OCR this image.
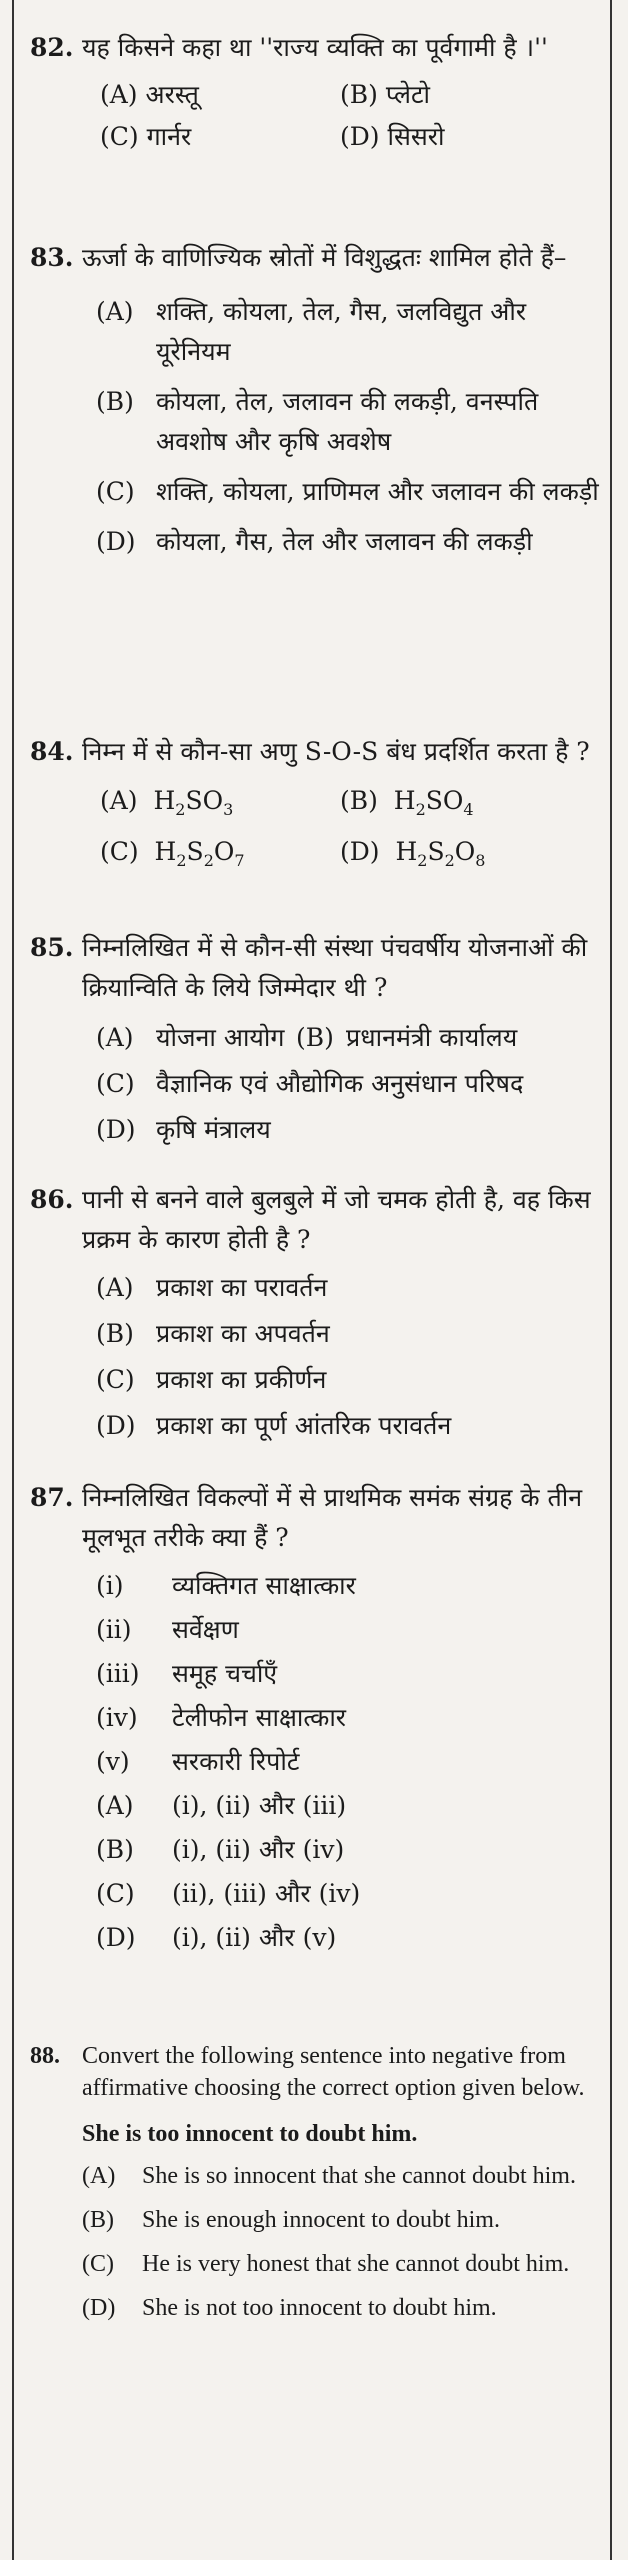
82. यह किसने कहा था ''राज्य व्यक्ति का पूर्वगामी है ।''
(A) अरस्तू	(B) प्लेटो
(C) गार्नर	(D) सिसरो
83. ऊर्जा के वाणिज्यिक स्रोतों में विशुद्धतः शामिल होते हैं–
(A) शक्ति, कोयला, तेल, गैस, जलविद्युत और यूरेनियम
(B) कोयला, तेल, जलावन की लकड़ी, वनस्पति अवशोष और कृषि अवशेष
(C) शक्ति, कोयला, प्राणिमल और जलावन की लकड़ी
(D) कोयला, गैस, तेल और जलावन की लकड़ी
84. निम्न में से कौन-सा अणु S-O-S बंध प्रदर्शित करता है ?
(A) $H_2SO_3$	(B) $H_2SO_4$
(C) $H_2S_2O_7$	(D) $H_2S_2O_8$
85. निम्नलिखित में से कौन-सी संस्था पंचवर्षीय योजनाओं की क्रियान्विति के लिये जिम्मेदार थी ?
(A) योजना आयोग (B) प्रधानमंत्री कार्यालय
(C) वैज्ञानिक एवं औद्योगिक अनुसंधान परिषद
(D) कृषि मंत्रालय
86. पानी से बनने वाले बुलबुले में जो चमक होती है, वह किस प्रक्रम के कारण होती है ?
(A) प्रकाश का परावर्तन
(B) प्रकाश का अपवर्तन
(C) प्रकाश का प्रकीर्णन
(D) प्रकाश का पूर्ण आंतरिक परावर्तन
87. निम्नलिखित विकल्पों में से प्राथमिक समंक संग्रह के तीन मूलभूत तरीके क्या हैं ?
(i)	व्यक्तिगत साक्षात्कार
(ii)	सर्वेक्षण
(iii)	समूह चर्चाएँ
(iv)	टेलीफोन साक्षात्कार
(v)	सरकारी रिपोर्ट
(A)	(i), (ii) और (iii)
(B)	(i), (ii) और (iv)
(C)	(ii), (iii) और (iv)
(D)	(i), (ii) और (v)
88. Convert the following sentence into negative from affirmative choosing the correct option given below.
She is too innocent to doubt him.
(A)	She is so innocent that she cannot doubt him.
(B)	She is enough innocent to doubt him.
(C)	He is very honest that she cannot doubt him.
(D)	She is not too innocent to doubt him.
